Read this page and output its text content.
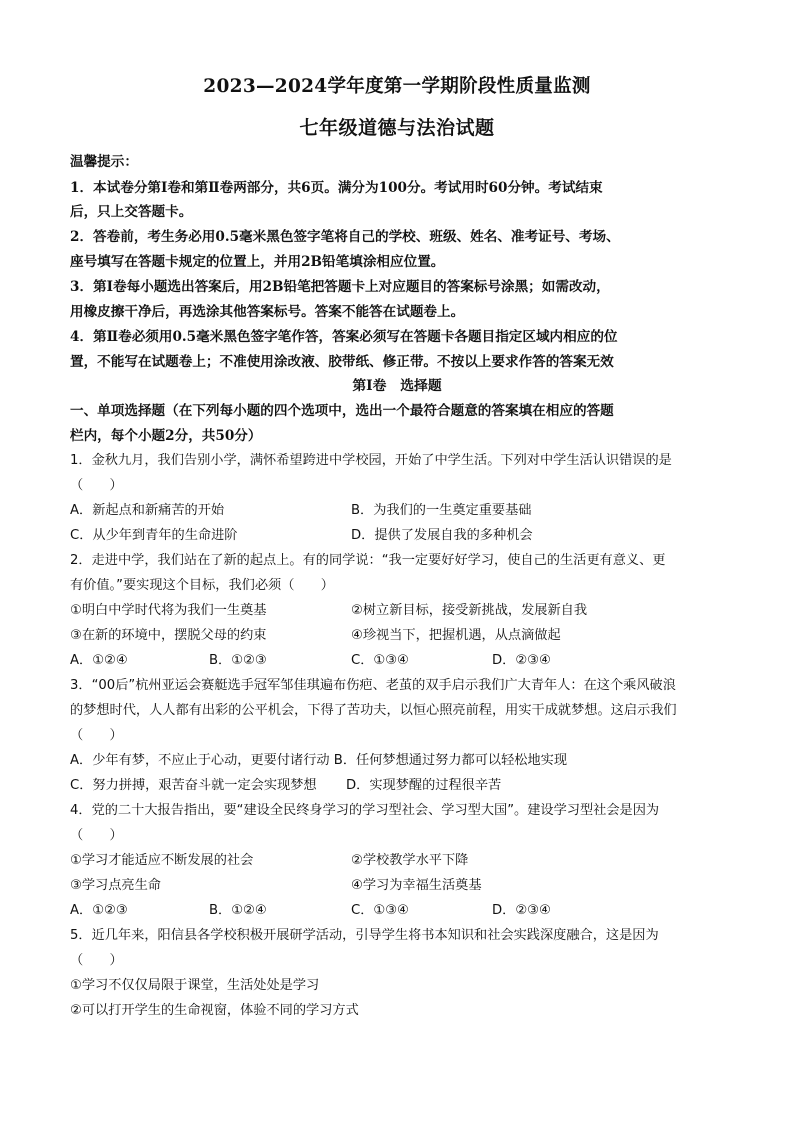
2023—2024学年度第一学期阶段性质量监测
七年级道德与法治试题
温馨提示：
1．本试卷分第Ⅰ卷和第Ⅱ卷两部分，共6页。满分为100分。考试用时60分钟。考试结束
后，只上交答题卡。
2．答卷前，考生务必用0.5毫米黑色签字笔将自己的学校、班级、姓名、准考证号、考场、
座号填写在答题卡规定的位置上，并用2B铅笔填涂相应位置。
3．第Ⅰ卷每小题选出答案后，用2B铅笔把答题卡上对应题目的答案标号涂黑；如需改动，
用橡皮擦干净后，再选涂其他答案标号。答案不能答在试题卷上。
4．第Ⅱ卷必须用0.5毫米黑色签字笔作答，答案必须写在答题卡各题目指定区域内相应的位
置，不能写在试题卷上；不准使用涂改液、胶带纸、修正带。不按以上要求作答的答案无效
第Ⅰ卷　选择题
一、单项选择题（在下列每小题的四个选项中，选出一个最符合题意的答案填在相应的答题
栏内，每个小题2分，共50分）
1．金秋九月，我们告别小学，满怀希望跨进中学校园，开始了中学生活。下列对中学生活认识错误的是
（　　）
A．新起点和新痛苦的开始	B．为我们的一生奠定重要基础
C．从少年到青年的生命进阶	D．提供了发展自我的多种机会
2．走进中学，我们站在了新的起点上。有的同学说：“我一定要好好学习，使自己的生活更有意义、更
有价值。”要实现这个目标，我们必须（　　）
①明白中学时代将为我们一生奠基	②树立新目标，接受新挑战，发展新自我
③在新的环境中，摆脱父母的约束	④珍视当下，把握机遇，从点滴做起
A．①②④	B．①②③	C．①③④	D．②③④
3．“00后”杭州亚运会赛艇选手冠军邹佳琪遍布伤疤、老茧的双手启示我们广大青年人：在这个乘风破浪
的梦想时代，人人都有出彩的公平机会，下得了苦功夫，以恒心照亮前程，用实干成就梦想。这启示我们
（　　）
A．少年有梦，不应止于心动，更要付诸行动 B．任何梦想通过努力都可以轻松地实现
C．努力拼搏，艰苦奋斗就一定会实现梦想 D．实现梦醒的过程很辛苦
4．党的二十大报告指出，要“建设全民终身学习的学习型社会、学习型大国”。建设学习型社会是因为
（　　）
①学习才能适应不断发展的社会	②学校教学水平下降
③学习点亮生命	④学习为幸福生活奠基
A．①②③	B．①②④	C．①③④	D．②③④
5．近几年来，阳信县各学校积极开展研学活动，引导学生将书本知识和社会实践深度融合，这是因为
（　　）
①学习不仅仅局限于课堂，生活处处是学习
②可以打开学生的生命视窗，体验不同的学习方式
